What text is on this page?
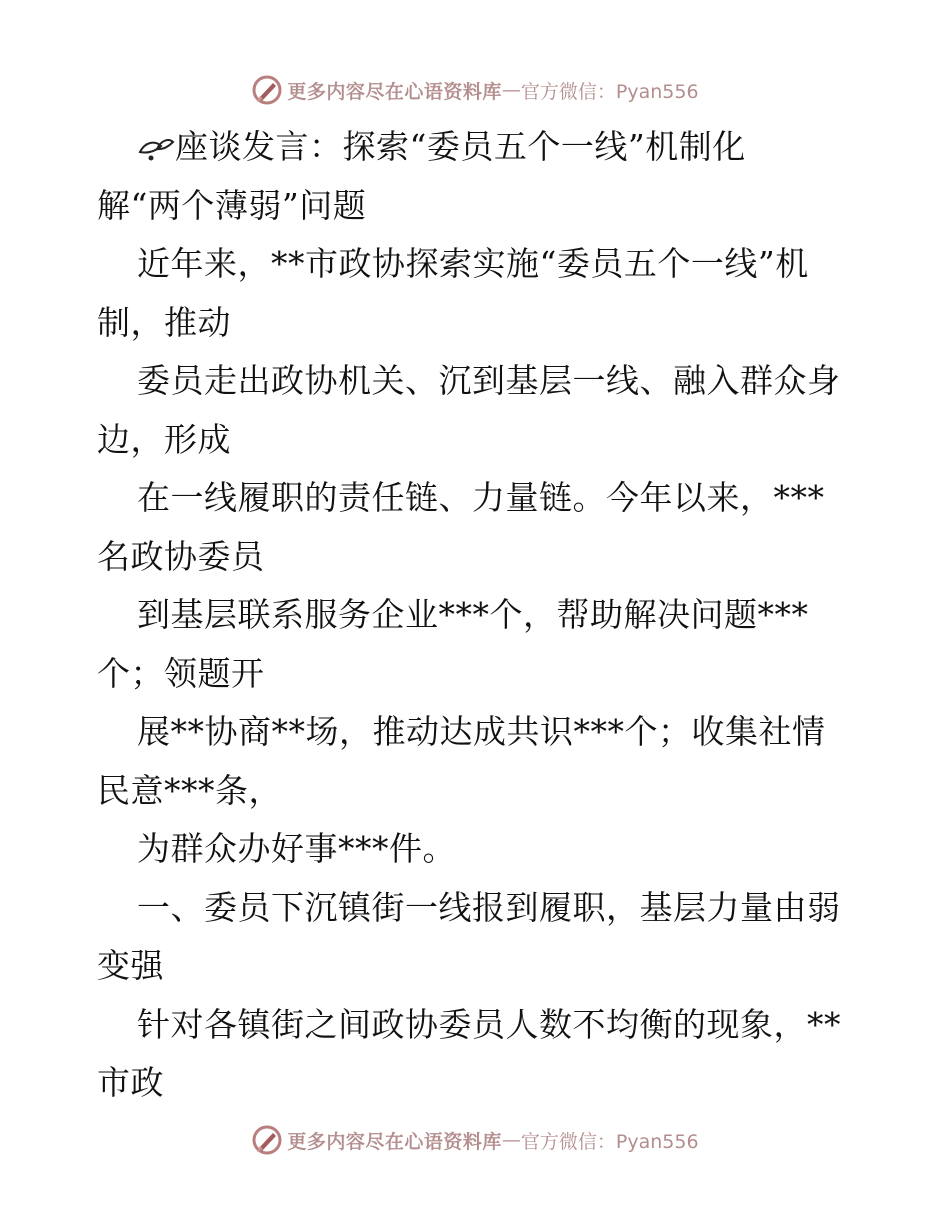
更多内容尽在心语资料库 — 官方微信：Pyan556
座谈发言：探索“委员五个一线”机制化
解“两个薄弱”问题
近年来，**市政协探索实施“委员五个一线”机
制，推动
委员走出政协机关、沉到基层一线、融入群众身
边，形成
在一线履职的责任链、力量链。今年以来，***
名政协委员
到基层联系服务企业***个，帮助解决问题***
个；领题开
展**协商**场，推动达成共识***个；收集社情
民意***条，
为群众办好事***件。
一、委员下沉镇街一线报到履职，基层力量由弱
变强
针对各镇街之间政协委员人数不均衡的现象，**
市政
更多内容尽在心语资料库 — 官方微信：Pyan556
